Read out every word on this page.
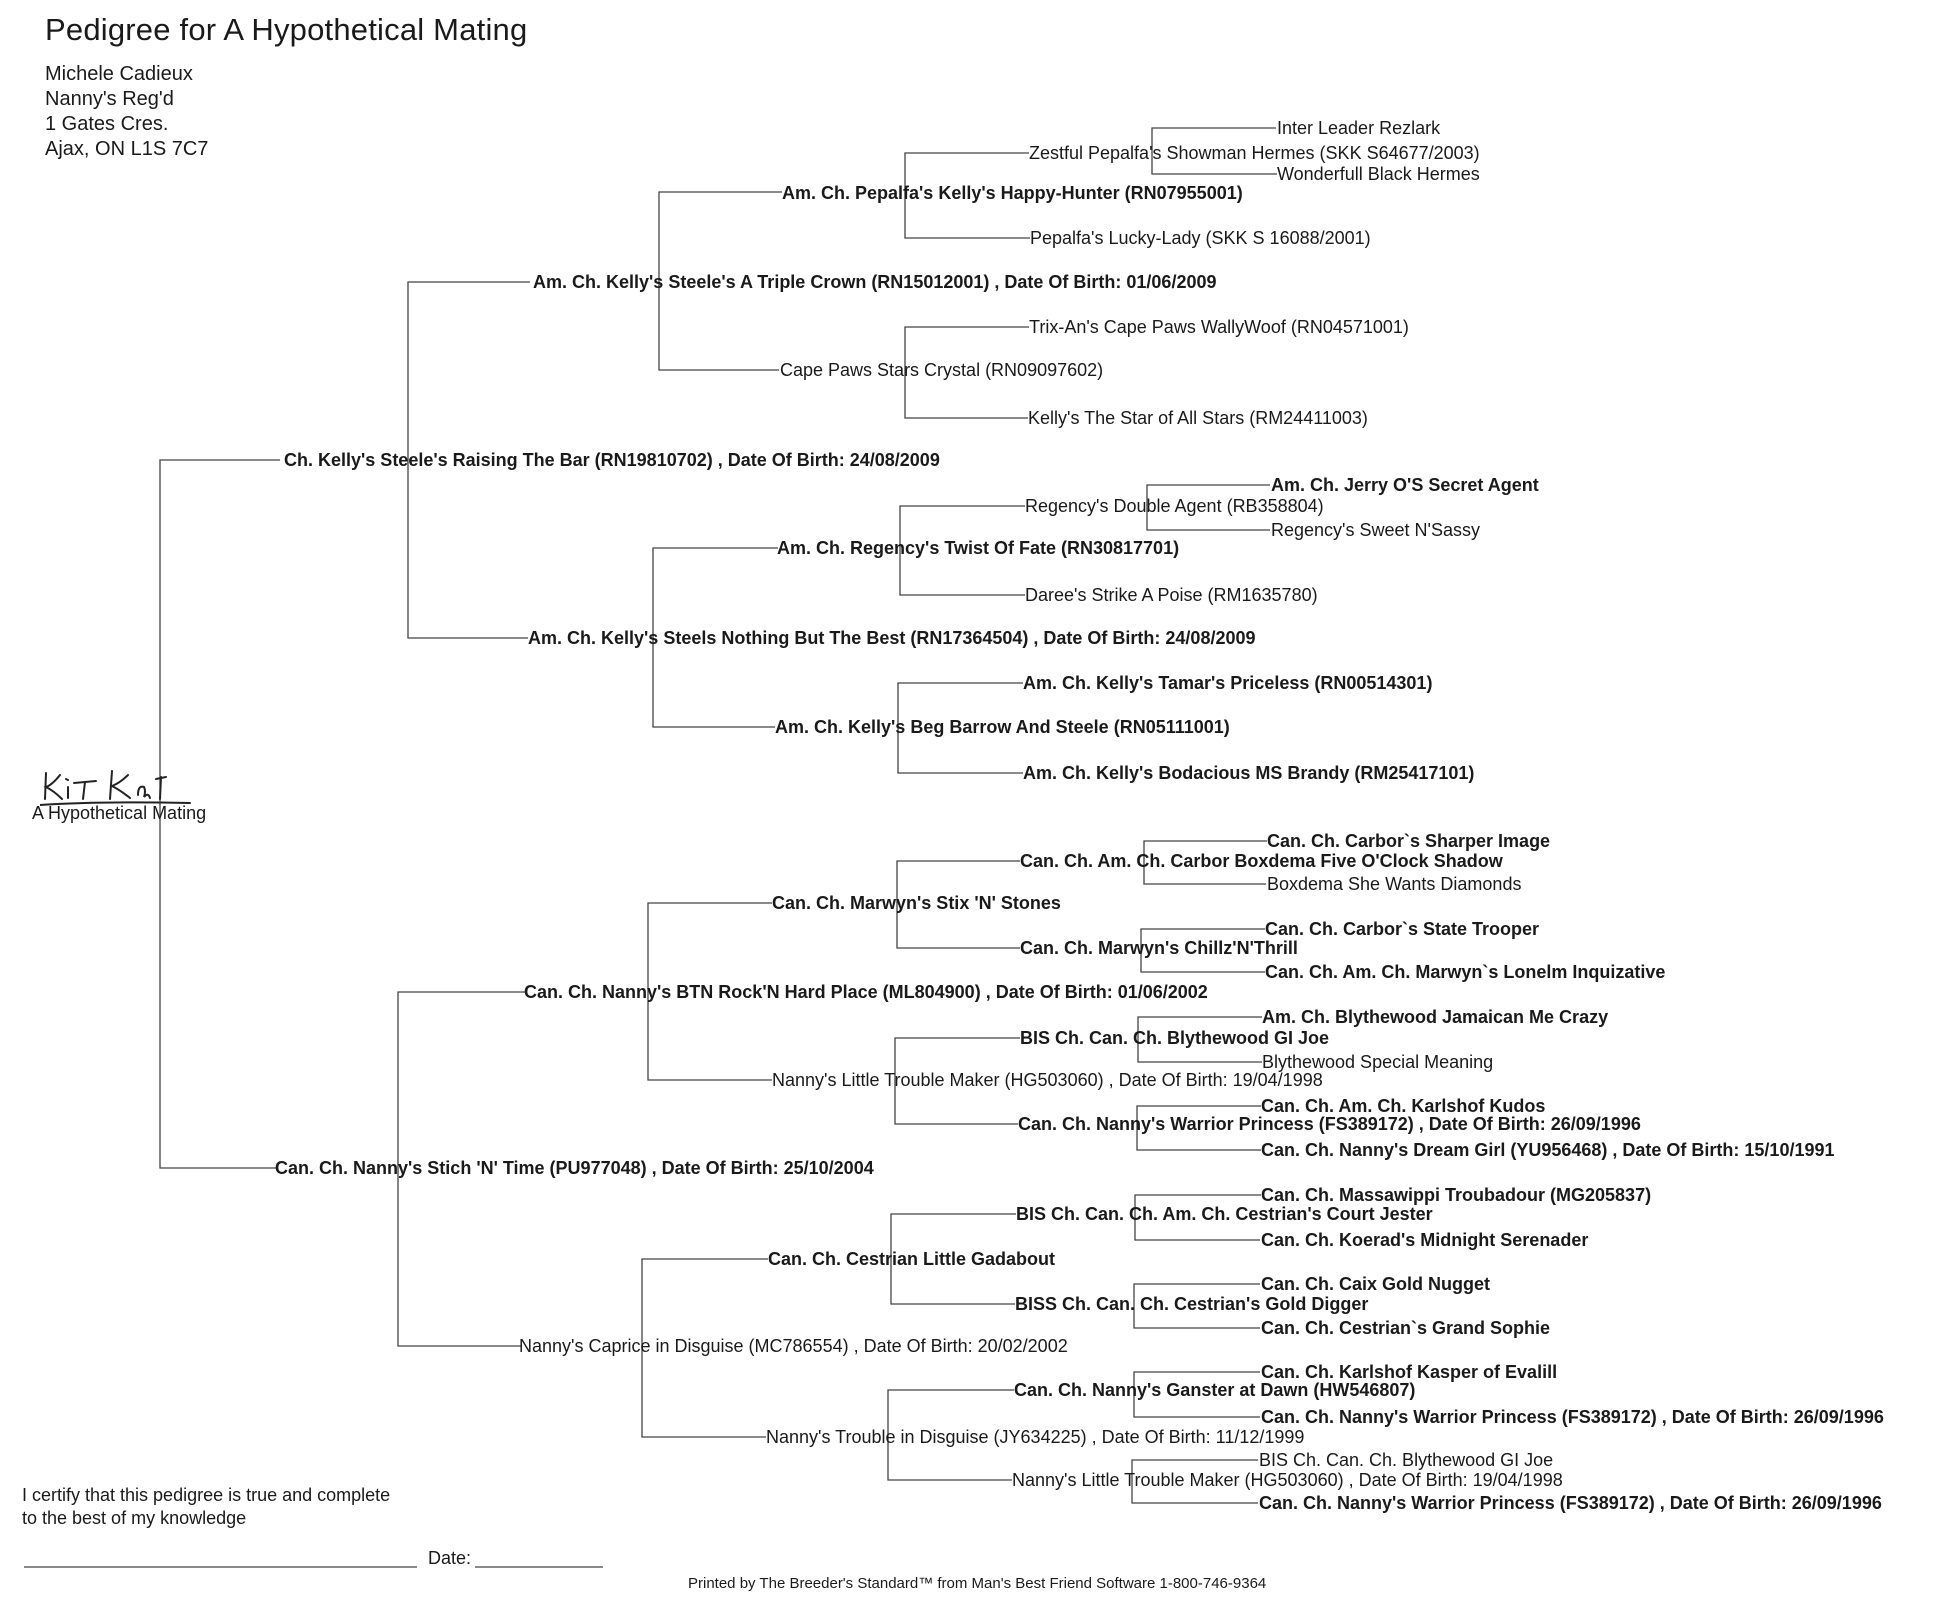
Pedigree for A Hypothetical Mating
Michele Cadieux
Nanny's Reg'd
1 Gates Cres.
Ajax, ON L1S 7C7
A Hypothetical Mating
Ch. Kelly's Steele's Raising The Bar (RN19810702) , Date Of Birth: 24/08/2009
Can. Ch. Nanny's Stich 'N' Time (PU977048) , Date Of Birth: 25/10/2004
Am. Ch. Kelly's Steele's A Triple Crown (RN15012001) , Date Of Birth: 01/06/2009
Am. Ch. Kelly's Steels Nothing But The Best (RN17364504) , Date Of Birth: 24/08/2009
Can. Ch. Nanny's BTN Rock'N Hard Place (ML804900) , Date Of Birth: 01/06/2002
Nanny's Caprice in Disguise (MC786554) , Date Of Birth: 20/02/2002
Am. Ch. Pepalfa's Kelly's Happy-Hunter (RN07955001)
Cape Paws Stars Crystal (RN09097602)
Am. Ch. Regency's Twist Of Fate (RN30817701)
Am. Ch. Kelly's Beg Barrow And Steele (RN05111001)
Can. Ch. Marwyn's Stix 'N' Stones
Nanny's Little Trouble Maker (HG503060) , Date Of Birth: 19/04/1998
Can. Ch. Cestrian Little Gadabout
Nanny's Trouble in Disguise (JY634225) , Date Of Birth: 11/12/1999
Zestful Pepalfa's Showman Hermes (SKK S64677/2003)
Pepalfa's Lucky-Lady (SKK S 16088/2001)
Trix-An's Cape Paws WallyWoof (RN04571001)
Kelly's The Star of All Stars (RM24411003)
Regency's Double Agent (RB358804)
Daree's Strike A Poise (RM1635780)
Am. Ch. Kelly's Tamar's Priceless (RN00514301)
Am. Ch. Kelly's Bodacious MS Brandy (RM25417101)
Can. Ch. Am. Ch. Carbor Boxdema Five O'Clock Shadow
Can. Ch. Marwyn's Chillz'N'Thrill
BIS Ch. Can. Ch. Blythewood GI Joe
Can. Ch. Nanny's Warrior Princess (FS389172) , Date Of Birth: 26/09/1996
BIS Ch. Can. Ch. Am. Ch. Cestrian's Court Jester
BISS Ch. Can. Ch. Cestrian's Gold Digger
Can. Ch. Nanny's Ganster at Dawn (HW546807)
Nanny's Little Trouble Maker (HG503060) , Date Of Birth: 19/04/1998
Inter Leader Rezlark
Wonderfull Black Hermes
Am. Ch. Jerry O'S Secret Agent
Regency's Sweet N'Sassy
Can. Ch. Carbor`s Sharper Image
Boxdema She Wants Diamonds
Can. Ch. Carbor`s State Trooper
Can. Ch. Am. Ch. Marwyn`s Lonelm Inquizative
Am. Ch. Blythewood Jamaican Me Crazy
Blythewood Special Meaning
Can. Ch. Am. Ch. Karlshof Kudos
Can. Ch. Nanny's Dream Girl (YU956468) , Date Of Birth: 15/10/1991
Can. Ch. Massawippi Troubadour (MG205837)
Can. Ch. Koerad's Midnight Serenader
Can. Ch. Caix Gold Nugget
Can. Ch. Cestrian`s Grand Sophie
Can. Ch. Karlshof Kasper of Evalill
Can. Ch. Nanny's Warrior Princess (FS389172) , Date Of Birth: 26/09/1996
BIS Ch. Can. Ch. Blythewood GI Joe
Can. Ch. Nanny's Warrior Princess (FS389172) , Date Of Birth: 26/09/1996
I certify that this pedigree is true and complete
to the best of my knowledge
Date:
Printed by The Breeder's Standard™ from Man's Best Friend Software 1-800-746-9364
